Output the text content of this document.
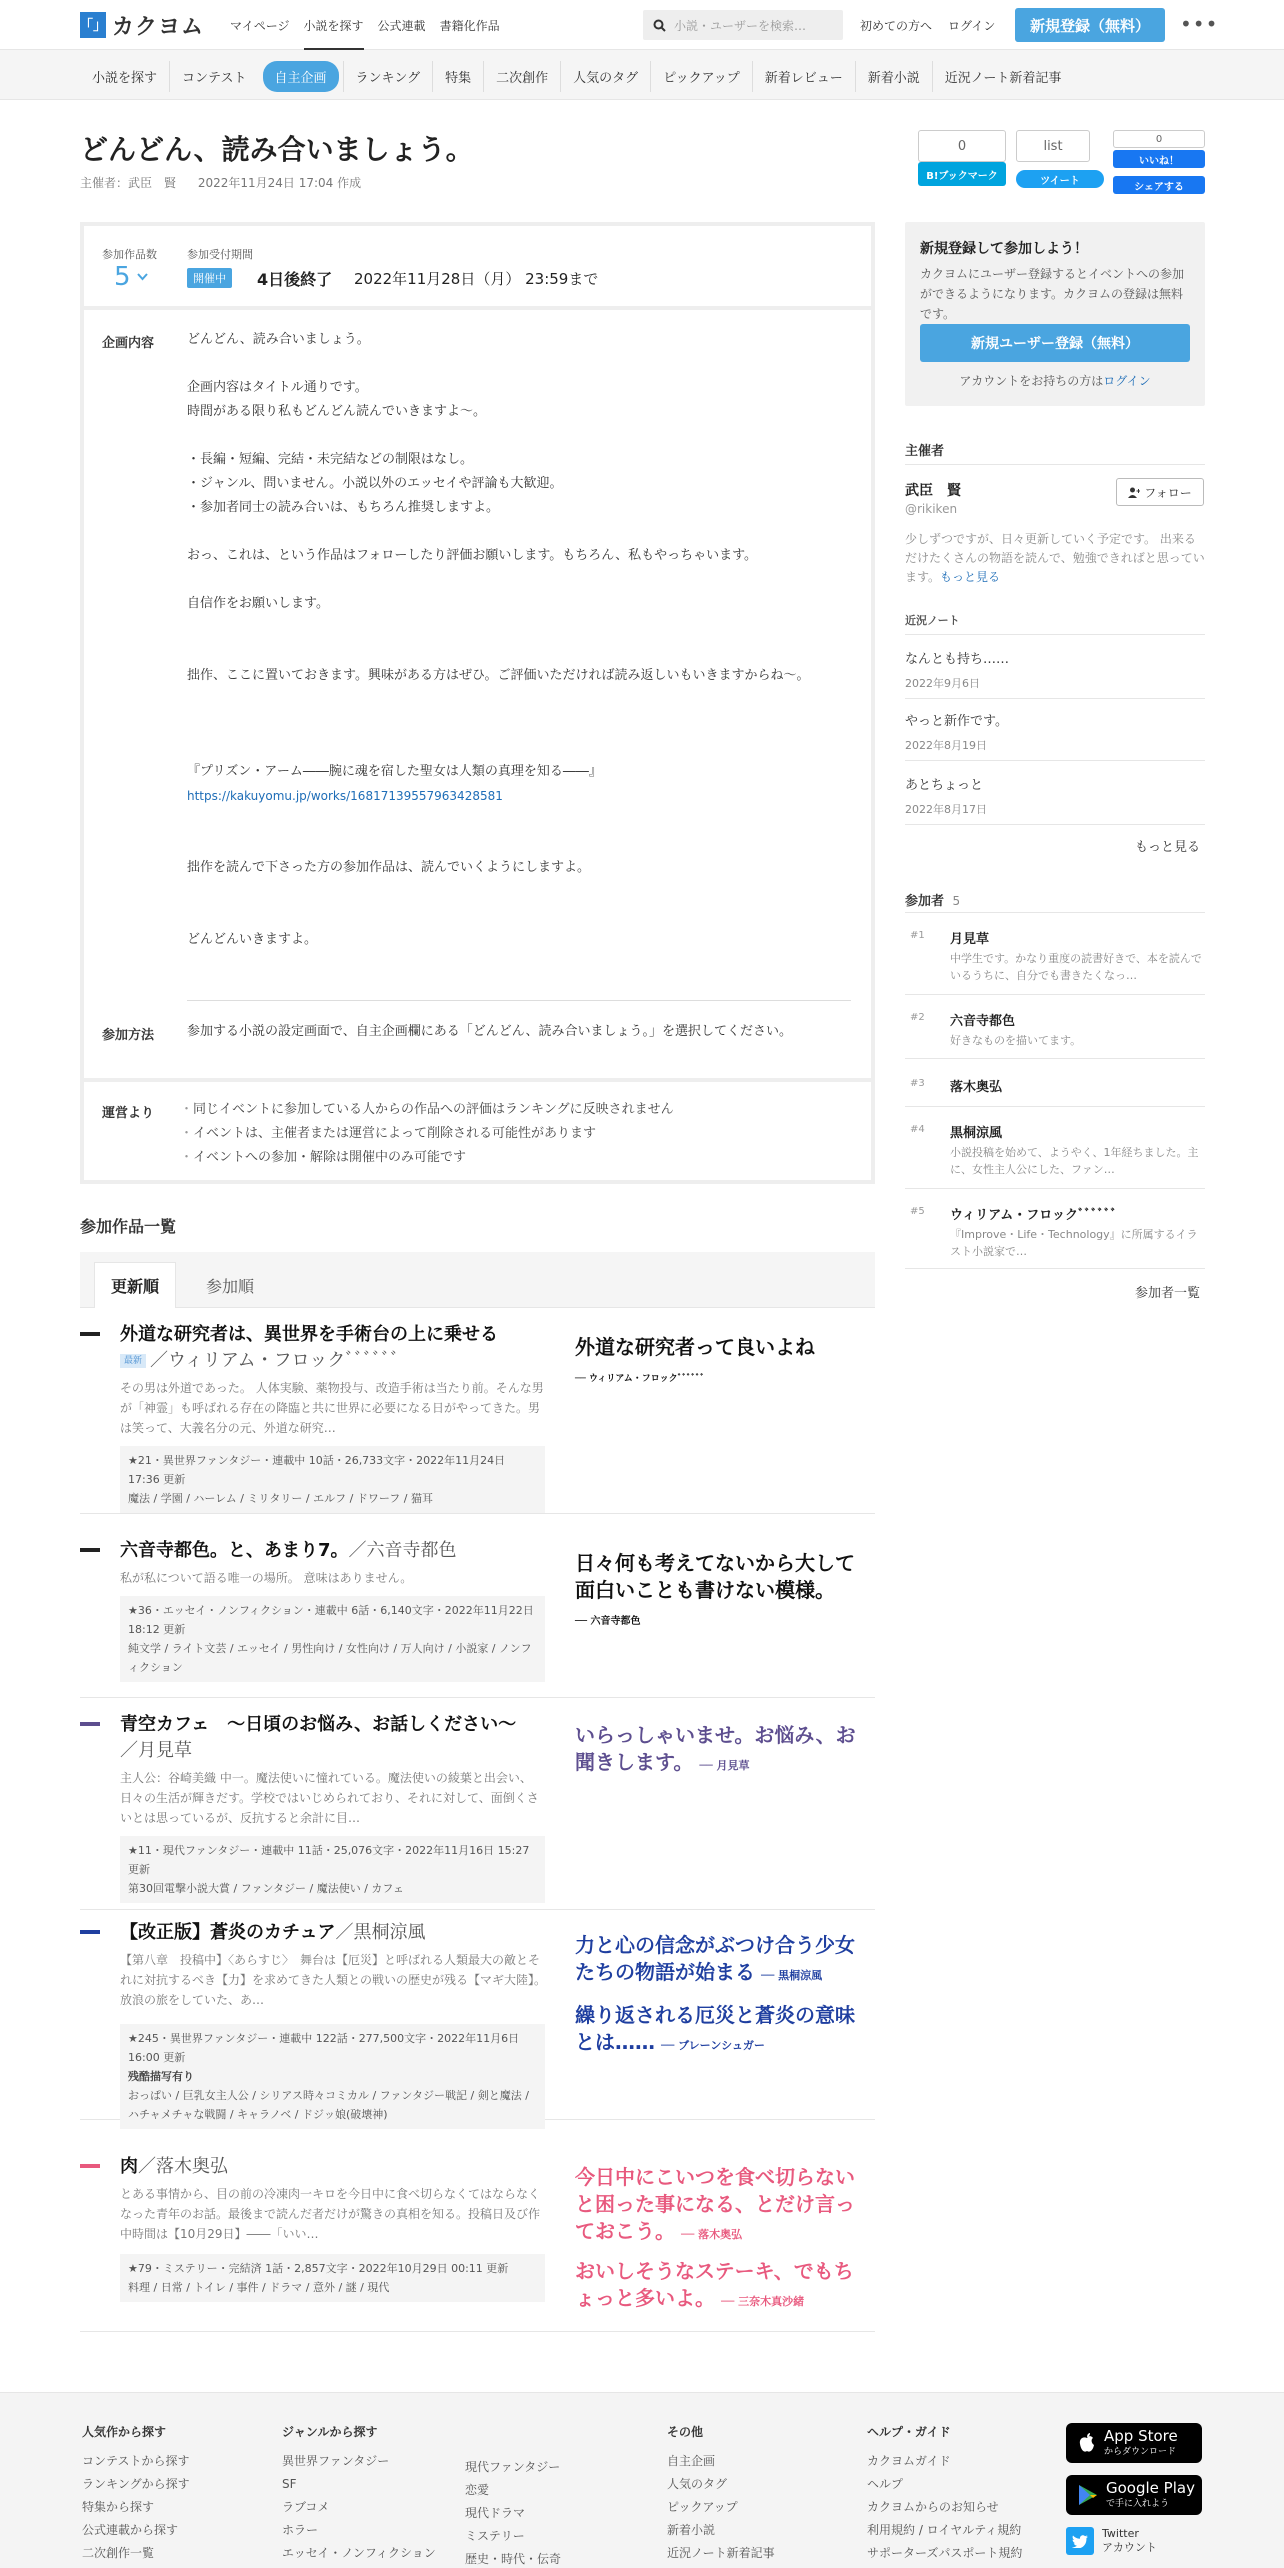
「」 カクヨム マイページ 小説を探す 公式連載 書籍化作品	小説・ユーザーを検索…	初めての方へ ログイン	新規登録（無料）	•••
小説を探す	コンテスト	自主企画	ランキング	特集	二次創作	人気のタグ	ピックアップ	新着レビュー	新着小説	近況ノート新着記事
どんどん、読み合いましょう。
主催者：武臣　賢 2022年11月24日 17:04 作成
0
B!ブックマーク
list
ツイート
0
いいね！
シェアする
参加作品数
5
参加受付期間
開催中	4日後終了 2022年11月28日（月） 23:59まで
企画内容	どんどん、読み合いましょう。

企画内容はタイトル通りです。

時間がある限り私もどんどん読んでいきますよ～。

・長編・短編、完結・未完結などの制限はなし。

・ジャンル、問いません。小説以外のエッセイや評論も大歓迎。

・参加者同士の読み合いは、もちろん推奨しますよ。

おっ、これは、という作品はフォローしたり評価お願いします。もちろん、私もやっちゃいます。

自信作をお願いします。

拙作、ここに置いておきます。興味がある方はぜひ。ご評価いただければ読み返しいもいきますからね～。

『プリズン・アーム――腕に魂を宿した聖女は人類の真理を知る――』

https://kakuyomu.jp/works/16817139557963428581

拙作を読んで下さった方の参加作品は、読んでいくようにしますよ。

どんどんいきますよ。

参加方法	参加する小説の設定画面で、自主企画欄にある「どんどん、読み合いましょう。」を選択してください。
運営より
・	同じイベントに参加している人からの作品への評価はランキングに反映されません
・ イベントは、主催者または運営によって削除される可能性があります
・ イベントへの参加・解除は開催中のみ可能です
参加作品一覧
更新順	参加順
外道な研究者は、異世界を手術台の上に乗せる
最新 ／ウィリアム・フロックﾞﾞﾞﾞﾞﾞ
その男は外道であった。 人体実験、薬物投与、改造手術は当たり前。そんな男が「神霊」も呼ばれる存在の降臨と共に世界に必要になる日がやってきた。男は笑って、大義名分の元、外道な研究…
★21・異世界ファンタジー・連載中 10話・26,733文字・2022年11月24日 17:36 更新
魔法 / 学園 / ハーレム / ミリタリー / エルフ / ドワーフ / 猫耳
外道な研究者って良いよね
── ウィリアム・フロックﾞﾞﾞﾞﾞﾞ
六音寺都色。と、あまり7。／六音寺都色
私が私について語る唯一の場所。 意味はありません。
★36・エッセイ・ノンフィクション・連載中 6話・6,140文字・2022年11月22日 18:12 更新
純文学 / ライト文芸 / エッセイ / 男性向け / 女性向け / 万人向け / 小説家 / ノンフィクション
日々何も考えてないから大して面白いことも書けない模様。
── 六音寺都色
青空カフェ　～日頃のお悩み、お話しください～
／月見草
主人公：谷崎美織 中一。魔法使いに憧れている。魔法使いの綾葉と出会い、日々の生活が輝きだす。学校ではいじめられており、それに対して、面倒くさいとは思っているが、反抗すると余計に目…
★11・現代ファンタジー・連載中 11話・25,076文字・2022年11月16日 15:27 更新
第30回電撃小説大賞 / ファンタジー / 魔法使い / カフェ
いらっしゃいませ。お悩み、お聞きします。 ── 月見草
【改正版】蒼炎のカチュア／黒桐涼風
【第八章　投稿中】〈あらすじ〉　舞台は【厄災】と呼ばれる人類最大の敵とそれに対抗するべき【力】を求めてきた人類との戦いの歴史が残る【マギ大陸】。　放浪の旅をしていた、あ…
★245・異世界ファンタジー・連載中 122話・277,500文字・2022年11月6日 16:00 更新
残酷描写有り
おっぱい / 巨乳女主人公 / シリアス時々コミカル / ファンタジー戦記 / 剣と魔法 / ハチャメチャな戦闘 / キャラノベ / ドジッ娘(破壊神)
力と心の信念がぶつけ合う少女たちの物語が始まる ── 黒桐涼風
繰り返される厄災と蒼炎の意味とは…… ── ブレーンシュガー
肉／落木奥弘
とある事情から、目の前の冷凍肉一キロを今日中に食べ切らなくてはならなくなった青年のお話。最後まで読んだ者だけが驚きの真相を知る。投稿日及び作中時間は【10月29日】――「いい…
★79・ミステリー・完結済 1話・2,857文字・2022年10月29日 00:11 更新
料理 / 日常 / トイレ / 事件 / ドラマ / 意外 / 謎 / 現代
今日中にこいつを食べ切らないと困った事になる、とだけ言っておこう。 ── 落木奥弘
おいしそうなステーキ、でもちょっと多いよ。 ── 三奈木真沙緒
新規登録して参加しよう！
カクヨムにユーザー登録するとイベントへの参加ができるようになります。カクヨムの登録は無料です。
新規ユーザー登録（無料）
アカウントをお持ちの方はログイン
主催者
武臣　賢
@rikiken
フォロー
少しずつですが、日々更新していく予定です。 出来るだけたくさんの物語を読んで、勉強できればと思っています。もっと見る
近況ノート
なんとも持ち……
2022年9月6日
やっと新作です。
2022年8月19日
あとちょっと
2022年8月17日
もっと見る
参加者 5
#1 月見草
中学生です。かなり重度の読書好きで、本を読んでいるうちに、自分でも書きたくなっ…
#2 六音寺都色
好きなものを描いてます。
#3 落木奥弘
#4 黒桐涼風
小説投稿を始めて、ようやく、1年経ちました。主に、女性主人公にした、ファン…
#5 ウィリアム・フロックﾞﾞﾞﾞﾞﾞ
『Improve・Life・Technology』に所属するイラスト小説家で…
参加者一覧
人気作から探す
コンテストから探す
ランキングから探す
特集から探す
公式連載から探す
二次創作一覧
ジャンルから探す
異世界ファンタジー
SF
ラブコメ
ホラー
エッセイ・ノンフィクション
現代ファンタジー
恋愛
現代ドラマ
ミステリー
歴史・時代・伝奇
その他
自主企画
人気のタグ
ピックアップ
新着小説
近況ノート新着記事
ヘルプ・ガイド
カクヨムガイド
ヘルプ
カクヨムからのお知らせ
利用規約 / ロイヤルティ規約
サポーターズパスポート規約
App Store
からダウンロード
Google Play
で手に入れよう
Twitter
アカウント
